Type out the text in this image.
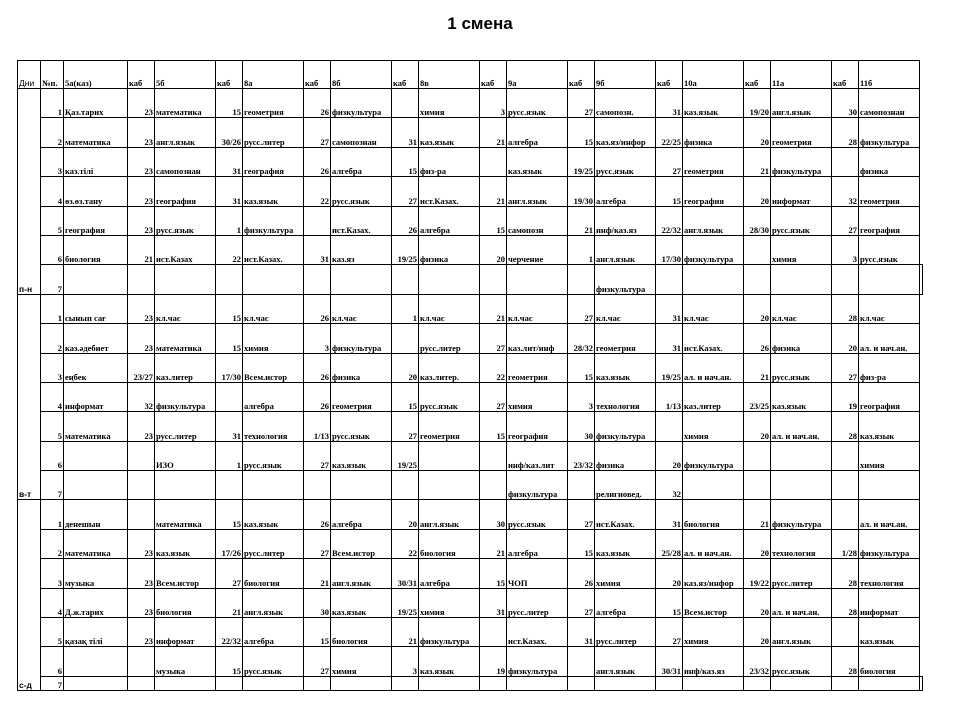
1 смена
Дни	№п.	5а(каз)	каб	5б	каб	8а	каб	8б	каб	8в	каб	9а	каб	9б	каб	10а	каб	11а	каб	11б	
п-н	1	Қаз.тарих	23	математика	15	геометрия	26	физкультура		химия	3	русс.язык	27	самопозн.	31	каз.язык	19/20	англ.язык	30	самопознан	
	2	математика	23	англ.язык	30/26	русс.литер	27	самопознан	31	каз.язык	21	алгебра	15	каз.яз/инфор	22/25	физика	20	геометрия	28	физкультура	
	3	каз.тілі	23	самопознан	31	география	26	алгебра	15	физ-ра		каз.язык	19/25	русс.язык	27	геометрия	21	физкультура		физика	
	4	өз.өз.тану	23	география	31	каз.язык	22	русс.язык	27	ист.Казах.	21	англ.язык	19/30	алгебра	15	география	20	информат	32	геометрия	
	5	география	23	русс.язык	1	физкультура		ист.Казах.	26	алгебра	15	самопозн	21	инф/каз.яз	22/32	англ.язык	28/30	русс.язык	27	география	
	6	биология	21	ист.Казах	22	ист.Казах.	31	каз.яз	19/25	физика	20	черчение	1	англ.язык	17/30	физкультура		химия	3	русс.язык	
	7													физкультура							
в-т	1	сынып сағ	23	кл.час	15	кл.час	26	кл.час	1	кл.час	21	кл.час	27	кл.час	31	кл.час	20	кл.час	28	кл.час	
	2	каз.әдебиет	23	математика	15	химия	3	физкультура		русс.литер	27	каз.лит/инф	28/32	геометрия	31	ист.Казах.	26	физика	20	ал. и нач.ан.	
	3	еңбек	23/27	каз.литер	17/30	Всем.истор	26	физика	20	каз.литер.	22	геометрия	15	каз.язык	19/25	ал. и нач.ан.	21	русс.язык	27	физ-ра	
	4	информат	32	физкультура		алгебра	26	геометрия	15	русс.язык	27	химия	3	технология	1/13	каз.литер	23/25	каз.язык	19	география	
	5	математика	23	русс.литер	31	технология	1/13	русс.язык	27	геометрия	15	география	30	физкультура		химия	20	ал. и нач.ан.	28	каз.язык	
	6			ИЗО	1	русс.язык	27	каз.язык	19/25			инф/каз.лит	23/32	физика	20	физкультура				химия	
	7											физкультура		религиовед.	32						
с-д	1	денешын		математика	15	каз.язык	26	алгебра	20	англ.язык	30	русс.язык	27	ист.Казах.	31	биология	21	физкультура		ал. и нач.ан.	
	2	математика	23	каз.язык	17/26	русс.литер	27	Всем.истор	22	биология	21	алгебра	15	каз.язык	25/28	ал. и нач.ан.	20	технология	1/28	физкультура	
	3	музыка	23	Всем.истор	27	биология	21	англ.язык	30/31	алгебра	15	ЧОП	26	химия	20	каз.яз/инфор	19/22	русс.литер	28	технология	
	4	Д.ж.тарих	23	биология	21	англ.язык	30	каз.язык	19/25	химия	31	русс.литер	27	алгебра	15	Всем.истор	20	ал. и нач.ан.	28	информат	
	5	қазақ тілі	23	информат	22/32	алгебра	15	биология	21	физкультура		ист.Казах.	31	русс.литер	27	химия	20	англ.язык		каз.язык	
	6			музыка	15	русс.язык	27	химия	3	каз.язык	19	физкультура		англ.язык	30/31	инф/каз.яз	23/32	русс.язык	28	биология	
	7																				
